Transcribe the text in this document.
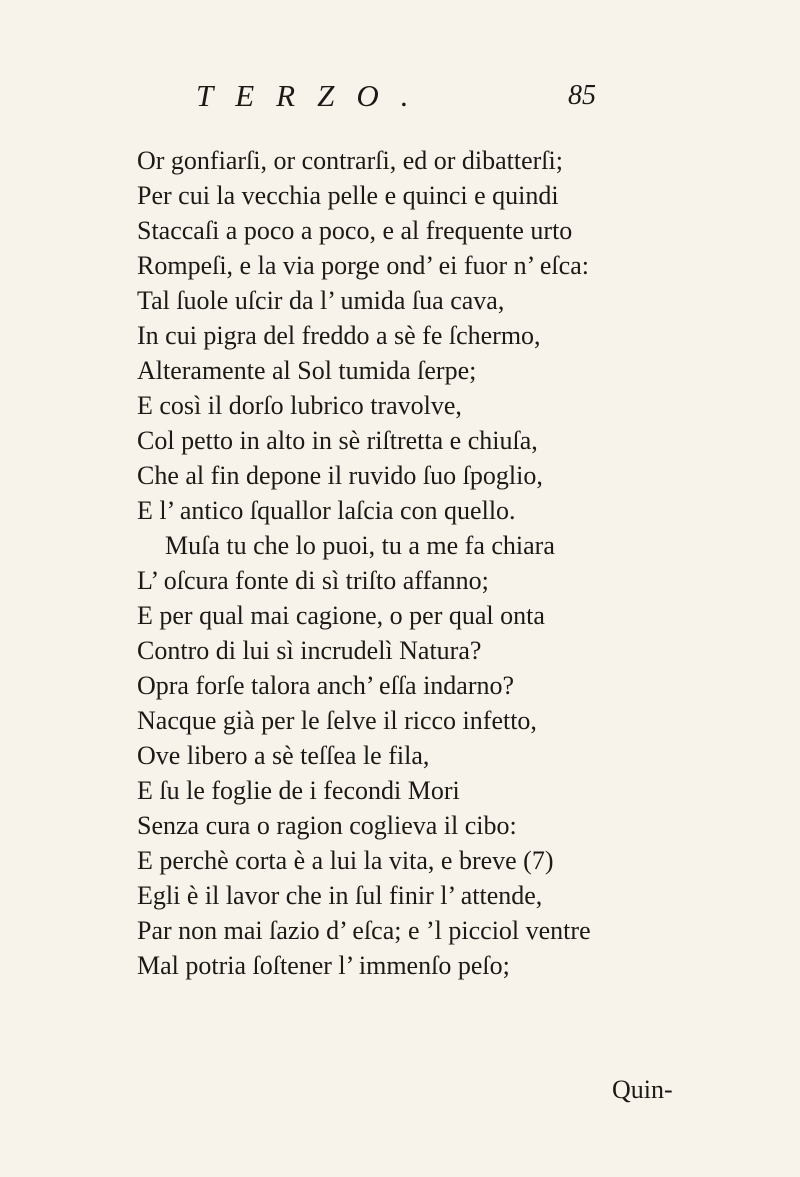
TERZO.	85
Or gonfiarſi, or contrarſi, ed or dibatterſi;
Per cui la vecchia pelle e quinci e quindi
Staccaſi a poco a poco, e al frequente urto
Rompeſi, e la via porge ond’ ei fuor n’ eſca:
Tal ſuole uſcir da l’ umida ſua cava,
In cui pigra del freddo a sè fe ſchermo,
Alteramente al Sol tumida ſerpe;
E così il dorſo lubrico travolve,
Col petto in alto in sè riſtretta e chiuſa,
Che al fin depone il ruvido ſuo ſpoglio,
E l’ antico ſquallor laſcia con quello.
Muſa tu che lo puoi, tu a me fa chiara
L’ oſcura fonte di sì triſto affanno;
E per qual mai cagione, o per qual onta
Contro di lui sì incrudelì Natura?
Opra forſe talora anch’ eſſa indarno?
Nacque già per le ſelve il ricco infetto,
Ove libero a sè teſſea le fila,
E ſu le foglie de i fecondi Mori
Senza cura o ragion coglieva il cibo:
E perchè corta è a lui la vita, e breve (7)
Egli è il lavor che in ſul finir l’ attende,
Par non mai ſazio d’ eſca; e ’l picciol ventre
Mal potria ſoſtener l’ immenſo peſo;
Quin-
